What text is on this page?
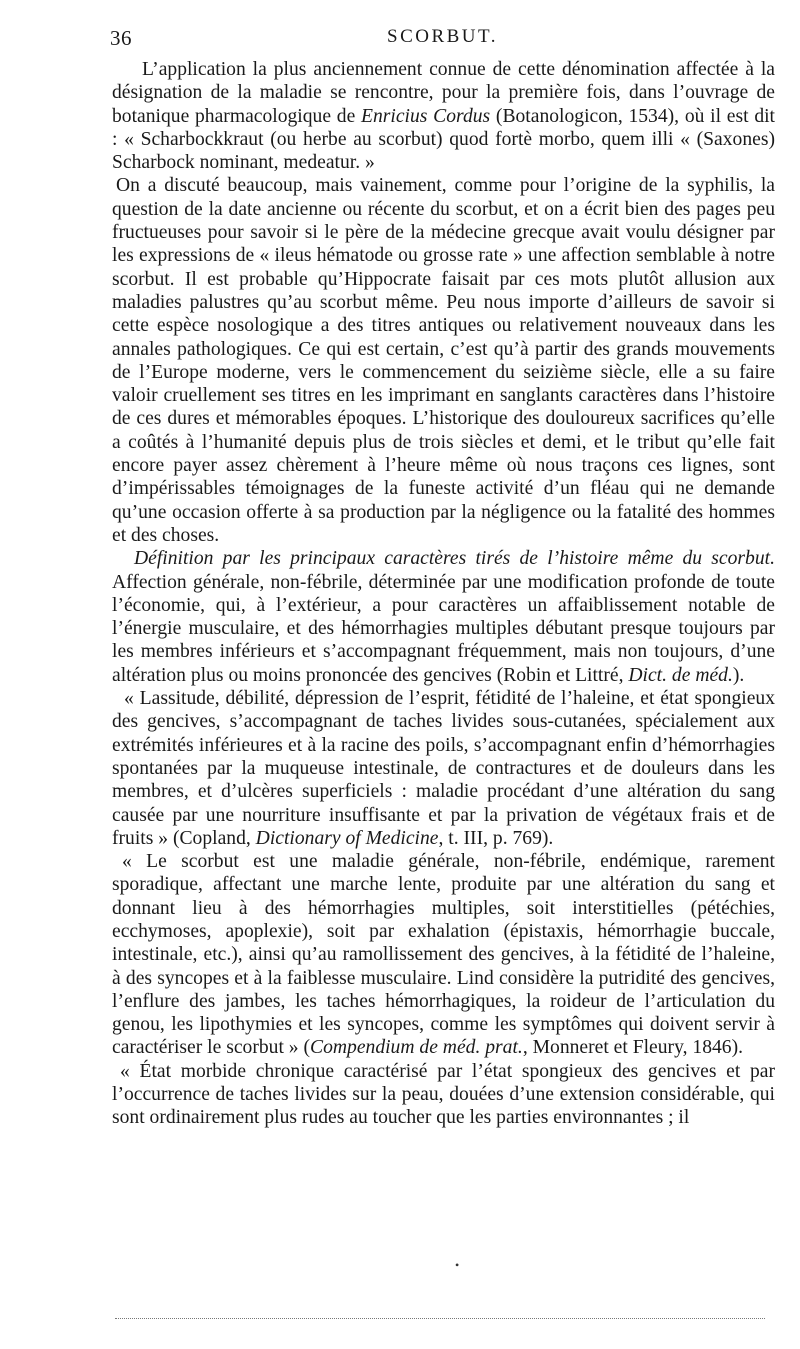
36	SCORBUT.

L’application la plus anciennement connue de cette dénomination affectée à la désignation de la maladie se rencontre, pour la première fois, dans l’ouvrage de botanique pharmacologique de Enricius Cordus (Botanologicon, 1534), où il est dit : « Scharbockkraut (ou herbe au scorbut) quod fortè morbo, quem illi « (Saxones) Scharbock nominant, medeatur. »

On a discuté beaucoup, mais vainement, comme pour l’origine de la syphilis, la question de la date ancienne ou récente du scorbut, et on a écrit bien des pages peu fructueuses pour savoir si le père de la médecine grecque avait voulu désigner par les expressions de « ileus hématode ou grosse rate » une affection semblable à notre scorbut. Il est probable qu’Hippocrate faisait par ces mots plutôt allusion aux maladies palustres qu’au scorbut même. Peu nous importe d’ailleurs de savoir si cette espèce nosologique a des titres antiques ou relativement nouveaux dans les annales pathologiques. Ce qui est certain, c’est qu’à partir des grands mouvements de l’Europe moderne, vers le commencement du seizième siècle, elle a su faire valoir cruellement ses titres en les imprimant en sanglants caractères dans l’histoire de ces dures et mémorables époques. L’historique des douloureux sacrifices qu’elle a coûtés à l’humanité depuis plus de trois siècles et demi, et le tribut qu’elle fait encore payer assez chèrement à l’heure même où nous traçons ces lignes, sont d’impérissables témoignages de la funeste activité d’un fléau qui ne demande qu’une occasion offerte à sa production par la négligence ou la fatalité des hommes et des choses.

Définition par les principaux caractères tirés de l’histoire même du scorbut. Affection générale, non-fébrile, déterminée par une modification profonde de toute l’économie, qui, à l’extérieur, a pour caractères un affaiblissement notable de l’énergie musculaire, et des hémorrhagies multiples débutant presque toujours par les membres inférieurs et s’accompagnant fréquemment, mais non toujours, d’une altération plus ou moins prononcée des gencives (Robin et Littré, Dict. de méd.).

« Lassitude, débilité, dépression de l’esprit, fétidité de l’haleine, et état spongieux des gencives, s’accompagnant de taches livides sous-cutanées, spécialement aux extrémités inférieures et à la racine des poils, s’accompagnant enfin d’hémorrhagies spontanées par la muqueuse intestinale, de contractures et de douleurs dans les membres, et d’ulcères superficiels : maladie procédant d’une altération du sang causée par une nourriture insuffisante et par la privation de végétaux frais et de fruits » (Copland, Dictionary of Medicine, t. III, p. 769).

« Le scorbut est une maladie générale, non-fébrile, endémique, rarement sporadique, affectant une marche lente, produite par une altération du sang et donnant lieu à des hémorrhagies multiples, soit interstitielles (pétéchies, ecchymoses, apoplexie), soit par exhalation (épistaxis, hémorrhagie buccale, intestinale, etc.), ainsi qu’au ramollissement des gencives, à la fétidité de l’haleine, à des syncopes et à la faiblesse musculaire. Lind considère la putridité des gencives, l’enflure des jambes, les taches hémorrhagiques, la roideur de l’articulation du genou, les lipothymies et les syncopes, comme les symptômes qui doivent servir à caractériser le scorbut » (Compendium de méd. prat., Monneret et Fleury, 1846).

« État morbide chronique caractérisé par l’état spongieux des gencives et par l’occurrence de taches livides sur la peau, douées d’une extension considérable, qui sont ordinairement plus rudes au toucher que les parties environnantes ; il

•
